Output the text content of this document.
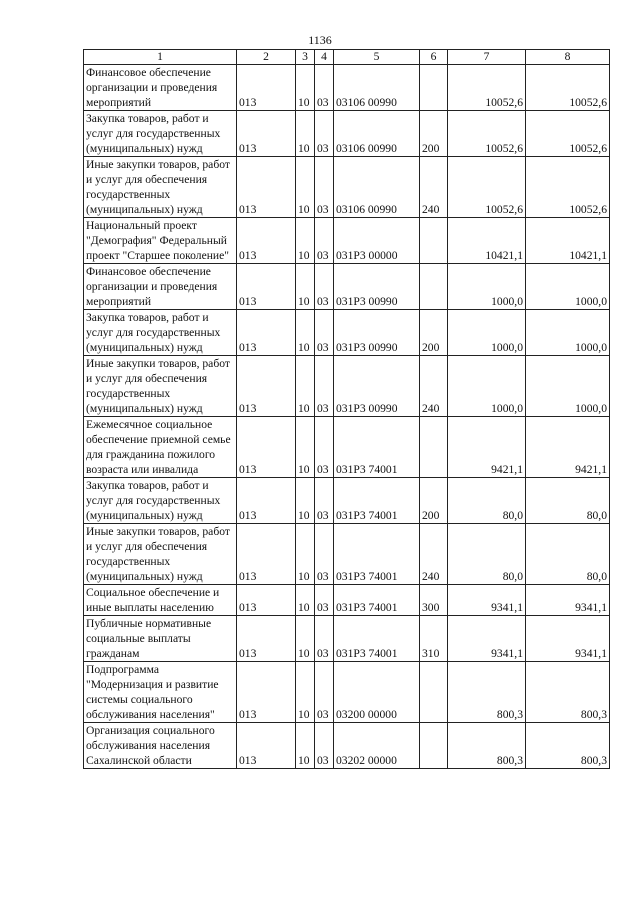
1136
1	2	3	4	5	6	7	8
Финансовое обеспечение организации и проведения мероприятий	013	10	03	03106 00990		10052,6	10052,6
Закупка товаров, работ и услуг для государственных (муниципальных) нужд	013	10	03	03106 00990	200	10052,6	10052,6
Иные закупки товаров, работ и услуг для обеспечения государственных (муниципальных) нужд	013	10	03	03106 00990	240	10052,6	10052,6
Национальный проект "Демография" Федеральный проект "Старшее поколение"	013	10	03	031Р3 00000		10421,1	10421,1
Финансовое обеспечение организации и проведения мероприятий	013	10	03	031Р3 00990		1000,0	1000,0
Закупка товаров, работ и услуг для государственных (муниципальных) нужд	013	10	03	031Р3 00990	200	1000,0	1000,0
Иные закупки товаров, работ и услуг для обеспечения государственных (муниципальных) нужд	013	10	03	031Р3 00990	240	1000,0	1000,0
Ежемесячное социальное обеспечение приемной семье для гражданина пожилого возраста или инвалида	013	10	03	031Р3 74001		9421,1	9421,1
Закупка товаров, работ и услуг для государственных (муниципальных) нужд	013	10	03	031Р3 74001	200	80,0	80,0
Иные закупки товаров, работ и услуг для обеспечения государственных (муниципальных) нужд	013	10	03	031Р3 74001	240	80,0	80,0
Социальное обеспечение и иные выплаты населению	013	10	03	031Р3 74001	300	9341,1	9341,1
Публичные нормативные социальные выплаты гражданам	013	10	03	031Р3 74001	310	9341,1	9341,1
Подпрограмма "Модернизация и развитие системы социального обслуживания населения"	013	10	03	03200 00000		800,3	800,3
Организация социального обслуживания населения Сахалинской области	013	10	03	03202 00000		800,3	800,3
